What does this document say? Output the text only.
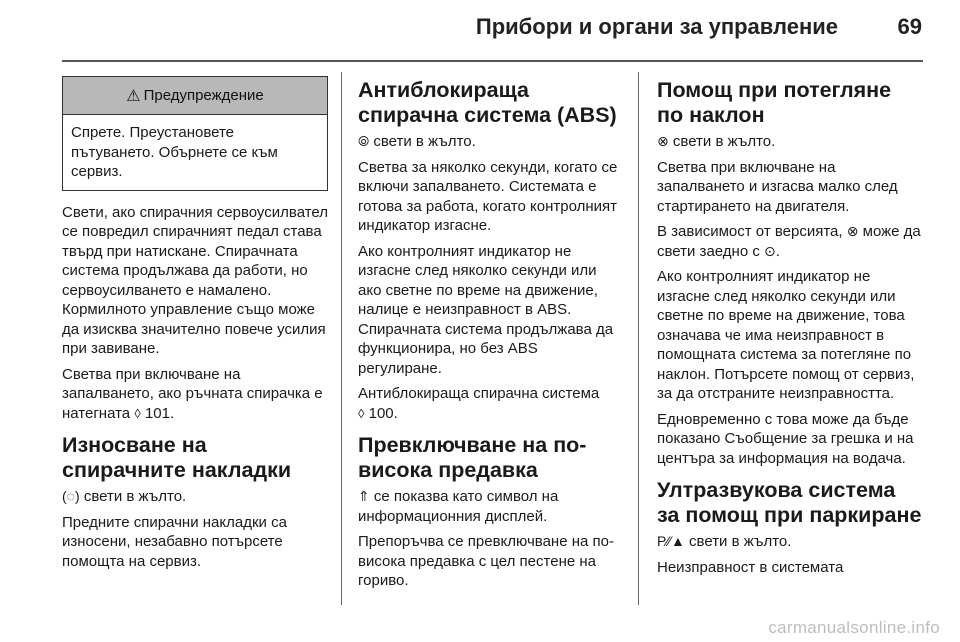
Прибори и органи за управление	69
⚠ Предупреждение

Спрете. Преустановете пътуването. Обърнете се към сервиз.

Свети, ако спирачния сервоусилвател се повредил спирачният педал става твърд при натискане. Спирачната система продължава да работи, но сервоусилването е намалено. Кормилното управление също може да изисква значително повече усилия при завиване.

Светва при включване на запалването, ако ръчната спирачка е натегната ◊ 101.

Износване на спирачните накладки

(◌) свети в жълто.

Предните спирачни накладки са износени, незабавно потърсете помощта на сервиз.

Антиблокираща спирачна система (ABS)

⦾ свети в жълто.

Светва за няколко секунди, когато се включи запалването. Системата е готова за работа, когато контролният индикатор изгасне.

Ако контролният индикатор не изгасне след няколко секунди или ако светне по време на движение, налице е неизправност в ABS. Спирачната система продължава да функционира, но без ABS регулиране.

Антиблокираща спирачна система
◊ 100.

Превключване на по-висока предавка

⇑ се показва като символ на информационния дисплей.

Препоръчва се превключване на по-висока предавка с цел пестене на гориво.

Помощ при потегляне по наклон

⊗ свети в жълто.

Светва при включване на запалването и изгасва малко след стартирането на двигателя.

В зависимост от версията, ⊗ може да свети заедно с ⊙.

Ако контролният индикатор не изгасне след няколко секунди или светне по време на движение, това означава че има неизправност в помощната система за потегляне по наклон. Потърсете помощ от сервиз, за да отстраните неизправността.

Едновременно с това може да бъде показано Съобщение за грешка и на центъра за информация на водача.

Ултразвукова система за помощ при паркиране

P⁄⁄▲ свети в жълто.

Неизправност в системата

carmanualsonline.info
